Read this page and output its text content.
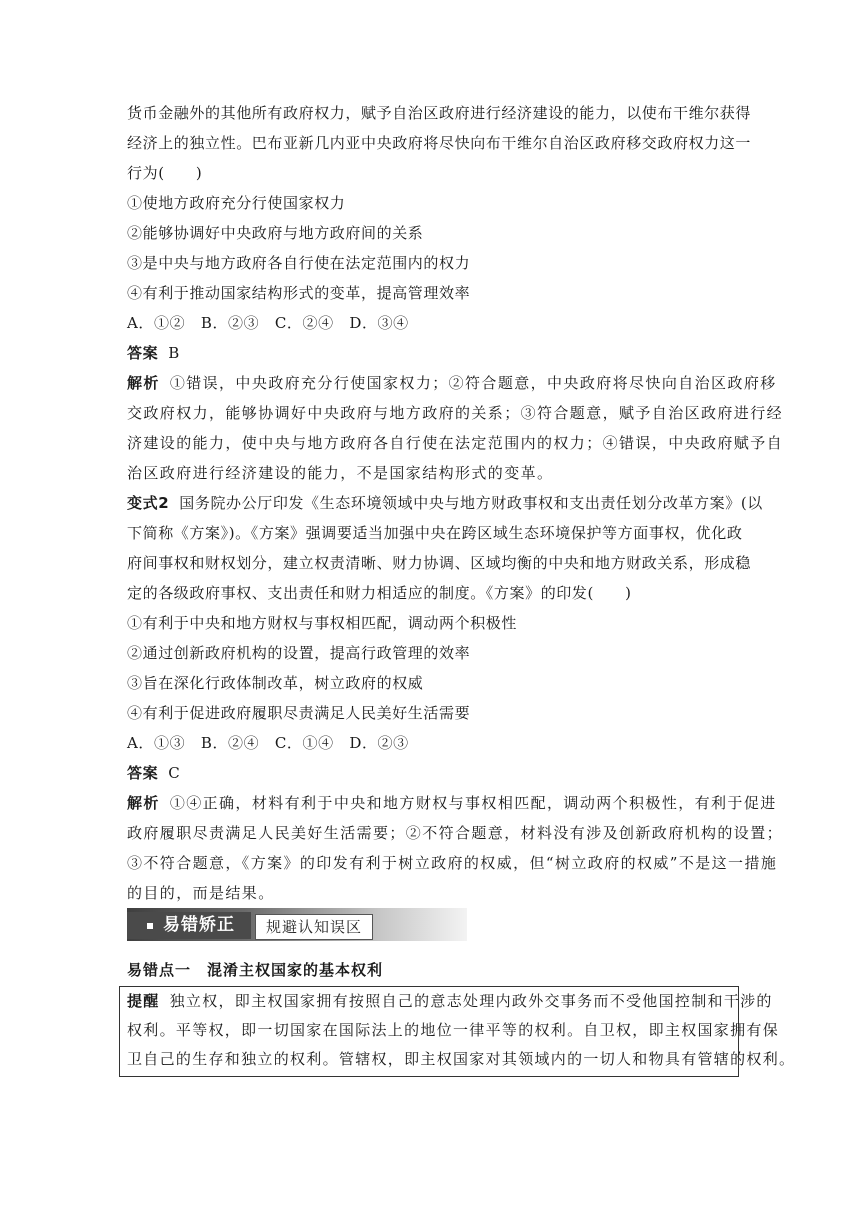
货币金融外的其他所有政府权力，赋予自治区政府进行经济建设的能力，以使布干维尔获得
经济上的独立性。巴布亚新几内亚中央政府将尽快向布干维尔自治区政府移交政府权力这一
行为(　　)
①使地方政府充分行使国家权力
②能够协调好中央政府与地方政府间的关系
③是中央与地方政府各自行使在法定范围内的权力
④有利于推动国家结构形式的变革，提高管理效率
A．①②　B．②③　C．②④　D．③④
答案 B
解析 ①错误，中央政府充分行使国家权力；②符合题意，中央政府将尽快向自治区政府移
交政府权力，能够协调好中央政府与地方政府的关系；③符合题意，赋予自治区政府进行经
济建设的能力，使中央与地方政府各自行使在法定范围内的权力；④错误，中央政府赋予自
治区政府进行经济建设的能力，不是国家结构形式的变革。
变式2 国务院办公厅印发《生态环境领域中央与地方财政事权和支出责任划分改革方案》(以
下简称《方案》)。《方案》强调要适当加强中央在跨区域生态环境保护等方面事权，优化政
府间事权和财权划分，建立权责清晰、财力协调、区域均衡的中央和地方财政关系，形成稳
定的各级政府事权、支出责任和财力相适应的制度。《方案》的印发(　　)
①有利于中央和地方财权与事权相匹配，调动两个积极性
②通过创新政府机构的设置，提高行政管理的效率
③旨在深化行政体制改革，树立政府的权威
④有利于促进政府履职尽责满足人民美好生活需要
A．①③　B．②④　C．①④　D．②③
答案 C
解析 ①④正确，材料有利于中央和地方财权与事权相匹配，调动两个积极性，有利于促进
政府履职尽责满足人民美好生活需要；②不符合题意，材料没有涉及创新政府机构的设置；
③不符合题意，《方案》的印发有利于树立政府的权威，但“树立政府的权威”不是这一措施
的目的，而是结果。
易错矫正	规避认知误区
易错点一　混淆主权国家的基本权利
提醒 独立权，即主权国家拥有按照自己的意志处理内政外交事务而不受他国控制和干涉的
权利。平等权，即一切国家在国际法上的地位一律平等的权利。自卫权，即主权国家拥有保
卫自己的生存和独立的权利。管辖权，即主权国家对其领域内的一切人和物具有管辖的权利。
